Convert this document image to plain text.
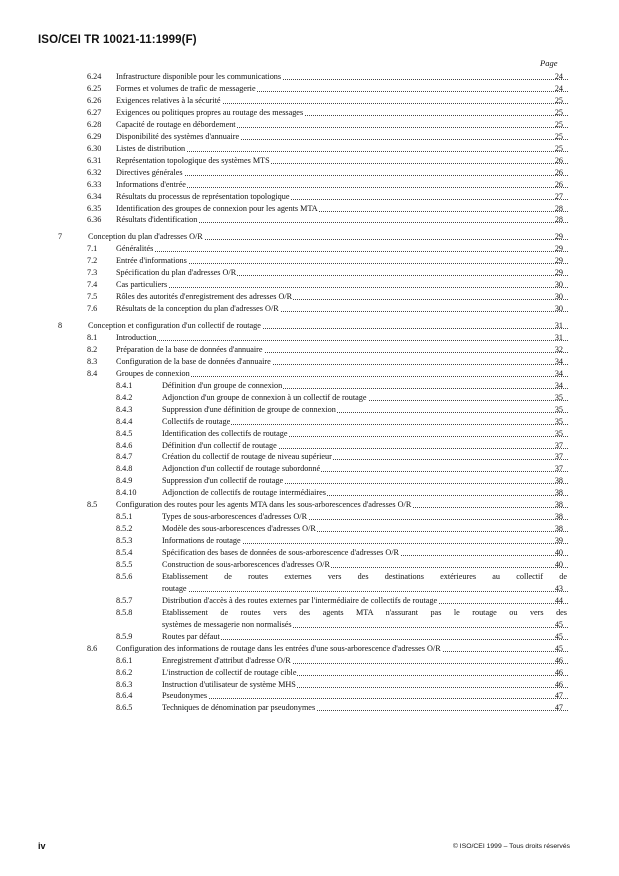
ISO/CEI TR 10021-11:1999(F)
Page
6.24 Infrastructure disponible pour les communications	24
6.25 Formes et volumes de trafic de messagerie	24
6.26 Exigences relatives à la sécurité	25
6.27 Exigences ou politiques propres au routage des messages	25
6.28 Capacité de routage en débordement	25
6.29 Disponibilité des systèmes d'annuaire	25
6.30 Listes de distribution	25
6.31 Représentation topologique des systèmes MTS	26
6.32 Directives générales	26
6.33 Informations d'entrée	26
6.34 Résultats du processus de représentation topologique	27
6.35 Identification des groupes de connexion pour les agents MTA	28
6.36 Résultats d'identification	28
7	Conception du plan d'adresses O/R	29
7.1 Généralités	29
7.2 Entrée d'informations	29
7.3 Spécification du plan d'adresses O/R	29
7.4 Cas particuliers	30
7.5 Rôles des autorités d'enregistrement des adresses O/R	30
7.6 Résultats de la conception du plan d'adresses O/R	30
8	Conception et configuration d'un collectif de routage	31
8.1 Introduction	31
8.2 Préparation de la base de données d'annuaire	32
8.3 Configuration de la base de données d'annuaire	34
8.4 Groupes de connexion	34
8.4.1	Définition d'un groupe de connexion	34
8.4.2	Adjonction d'un groupe de connexion à un collectif de routage	35
8.4.3	Suppression d'une définition de groupe de connexion	35
8.4.4	Collectifs de routage	35
8.4.5	Identification des collectifs de routage	35
8.4.6	Définition d'un collectif de routage	37
8.4.7	Création du collectif de routage de niveau supérieur	37
8.4.8	Adjonction d'un collectif de routage subordonné	37
8.4.9	Suppression d'un collectif de routage	38
8.4.10	Adjonction de collectifs de routage intermédiaires	38
8.5 Configuration des routes pour les agents MTA dans les sous-arborescences d'adresses O/R	38
8.5.1	Types de sous-arborescences d'adresses O/R	38
8.5.2	Modèle des sous-arborescences d'adresses O/R	38
8.5.3	Informations de routage	39
8.5.4	Spécification des bases de données de sous-arborescence d'adresses O/R	40
8.5.5	Construction de sous-arborescences d'adresses O/R	40
8.5.6	Etablissement de routes externes vers des destinations extérieures au collectif de
routage	43
8.5.7	Distribution d'accès à des routes externes par l'intermédiaire de collectifs de routage	44
8.5.8	Etablissement de routes vers des agents MTA n'assurant pas le routage ou vers des
systèmes de messagerie non normalisés	45
8.5.9	Routes par défaut	45
8.6 Configuration des informations de routage dans les entrées d'une sous-arborescence d'adresses O/R	45
8.6.1	Enregistrement d'attribut d'adresse O/R	46
8.6.2	L'instruction de collectif de routage cible	46
8.6.3	Instruction d'utilisateur de système MHS	46
8.6.4	Pseudonymes	47
8.6.5	Techniques de dénomination par pseudonymes	47
iv	© ISO/CEI 1999 – Tous droits réservés
